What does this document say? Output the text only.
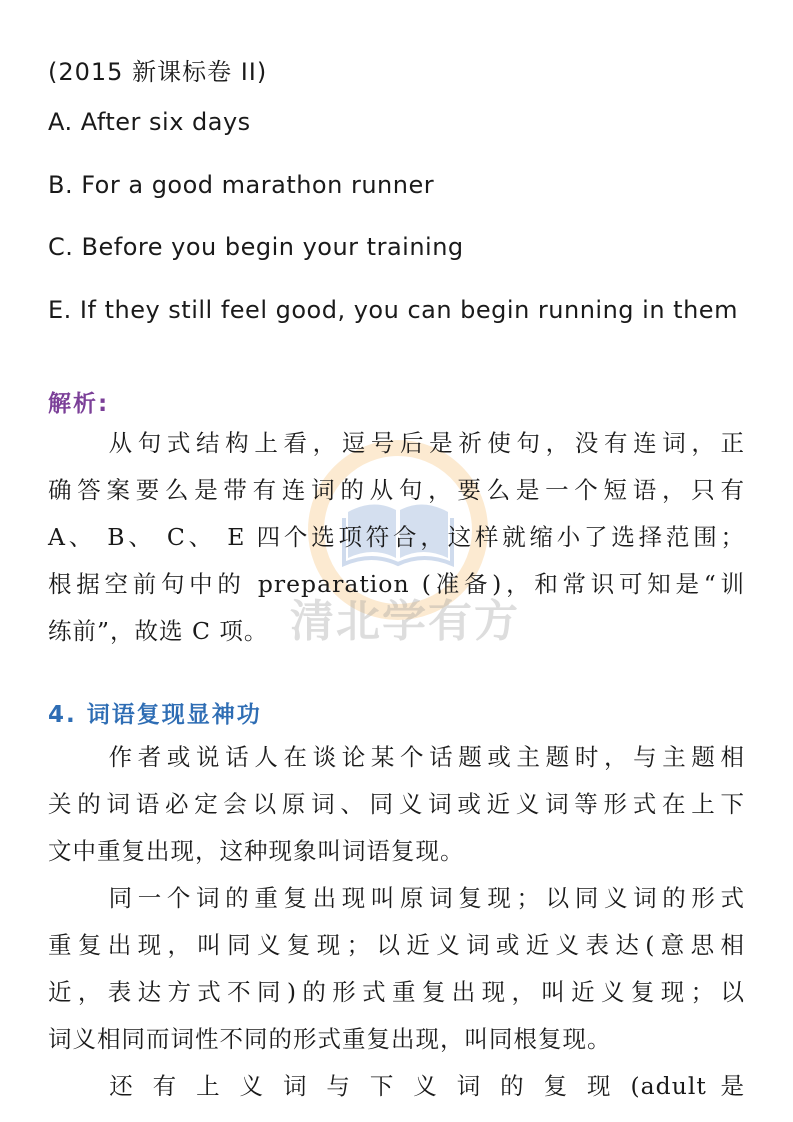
清北学有方

(2015 新课标卷 II)

A. After six days

B. For a good marathon runner

C. Before you begin your training

E. If they still feel good, you can begin running in them

解析:

从句式结构上看，逗号后是祈使句，没有连词，正
确答案要么是带有连词的从句，要么是一个短语，只有
A、 B、 C、 E 四个选项符合，这样就缩小了选择范围；
根据空前句中的 preparation (准备)，和常识可知是“训
练前”，故选 C 项。

4. 词语复现显神功

作者或说话人在谈论某个话题或主题时，与主题相
关的词语必定会以原词、同义词或近义词等形式在上下
文中重复出现，这种现象叫词语复现。
同一个词的重复出现叫原词复现；以同义词的形式
重复出现，叫同义复现；以近义词或近义表达(意思相
近，表达方式不同)的形式重复出现，叫近义复现；以
词义相同而词性不同的形式重复出现，叫同根复现。
还 有 上 义 词 与 下 义 词 的 复 现 (adult 是
